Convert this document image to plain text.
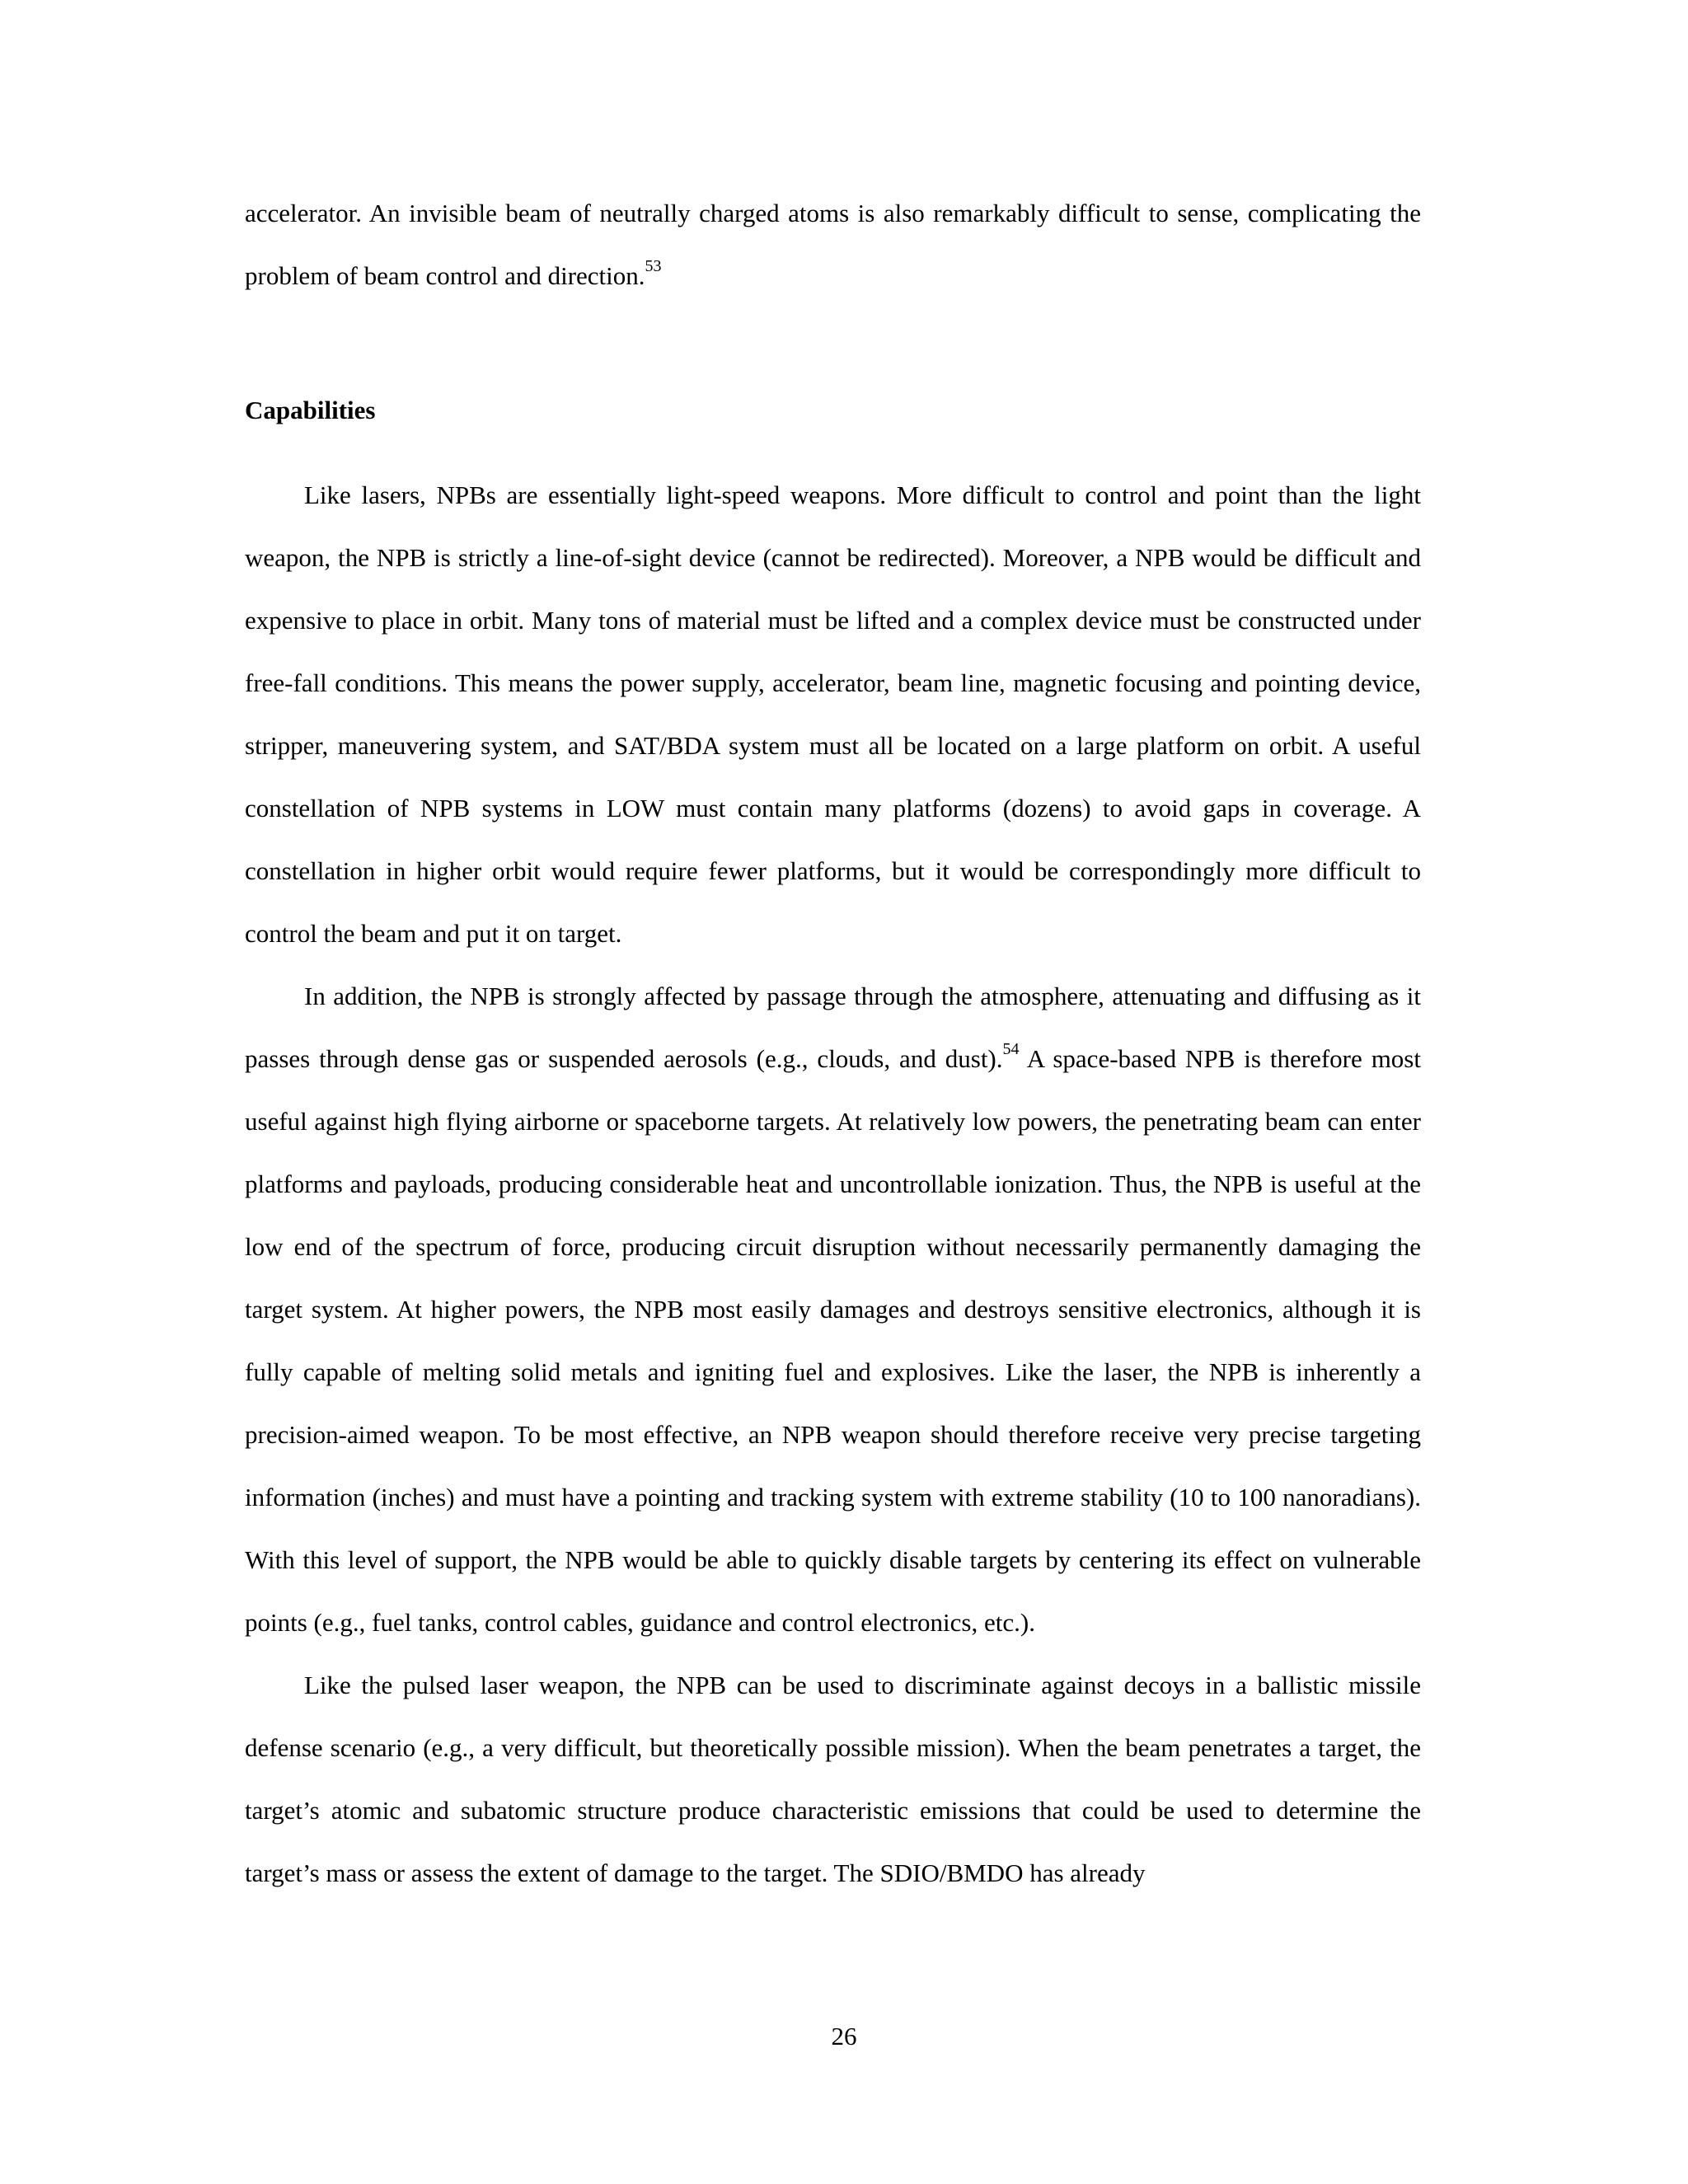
accelerator. An invisible beam of neutrally charged atoms is also remarkably difficult to sense, complicating the problem of beam control and direction.$^{53}$

Capabilities

Like lasers, NPBs are essentially light-speed weapons. More difficult to control and point than the light weapon, the NPB is strictly a line-of-sight device (cannot be redirected). Moreover, a NPB would be difficult and expensive to place in orbit. Many tons of material must be lifted and a complex device must be constructed under free-fall conditions. This means the power supply, accelerator, beam line, magnetic focusing and pointing device, stripper, maneuvering system, and SAT/BDA system must all be located on a large platform on orbit. A useful constellation of NPB systems in LOW must contain many platforms (dozens) to avoid gaps in coverage. A constellation in higher orbit would require fewer platforms, but it would be correspondingly more difficult to control the beam and put it on target.

In addition, the NPB is strongly affected by passage through the atmosphere, attenuating and diffusing as it passes through dense gas or suspended aerosols (e.g., clouds, and dust).$^{54}$ A space-based NPB is therefore most useful against high flying airborne or spaceborne targets. At relatively low powers, the penetrating beam can enter platforms and payloads, producing considerable heat and uncontrollable ionization. Thus, the NPB is useful at the low end of the spectrum of force, producing circuit disruption without necessarily permanently damaging the target system. At higher powers, the NPB most easily damages and destroys sensitive electronics, although it is fully capable of melting solid metals and igniting fuel and explosives. Like the laser, the NPB is inherently a precision-aimed weapon. To be most effective, an NPB weapon should therefore receive very precise targeting information (inches) and must have a pointing and tracking system with extreme stability (10 to 100 nanoradians). With this level of support, the NPB would be able to quickly disable targets by centering its effect on vulnerable points (e.g., fuel tanks, control cables, guidance and control electronics, etc.).

Like the pulsed laser weapon, the NPB can be used to discriminate against decoys in a ballistic missile defense scenario (e.g., a very difficult, but theoretically possible mission). When the beam penetrates a target, the target’s atomic and subatomic structure produce characteristic emissions that could be used to determine the target’s mass or assess the extent of damage to the target. The SDIO/BMDO has already

26
